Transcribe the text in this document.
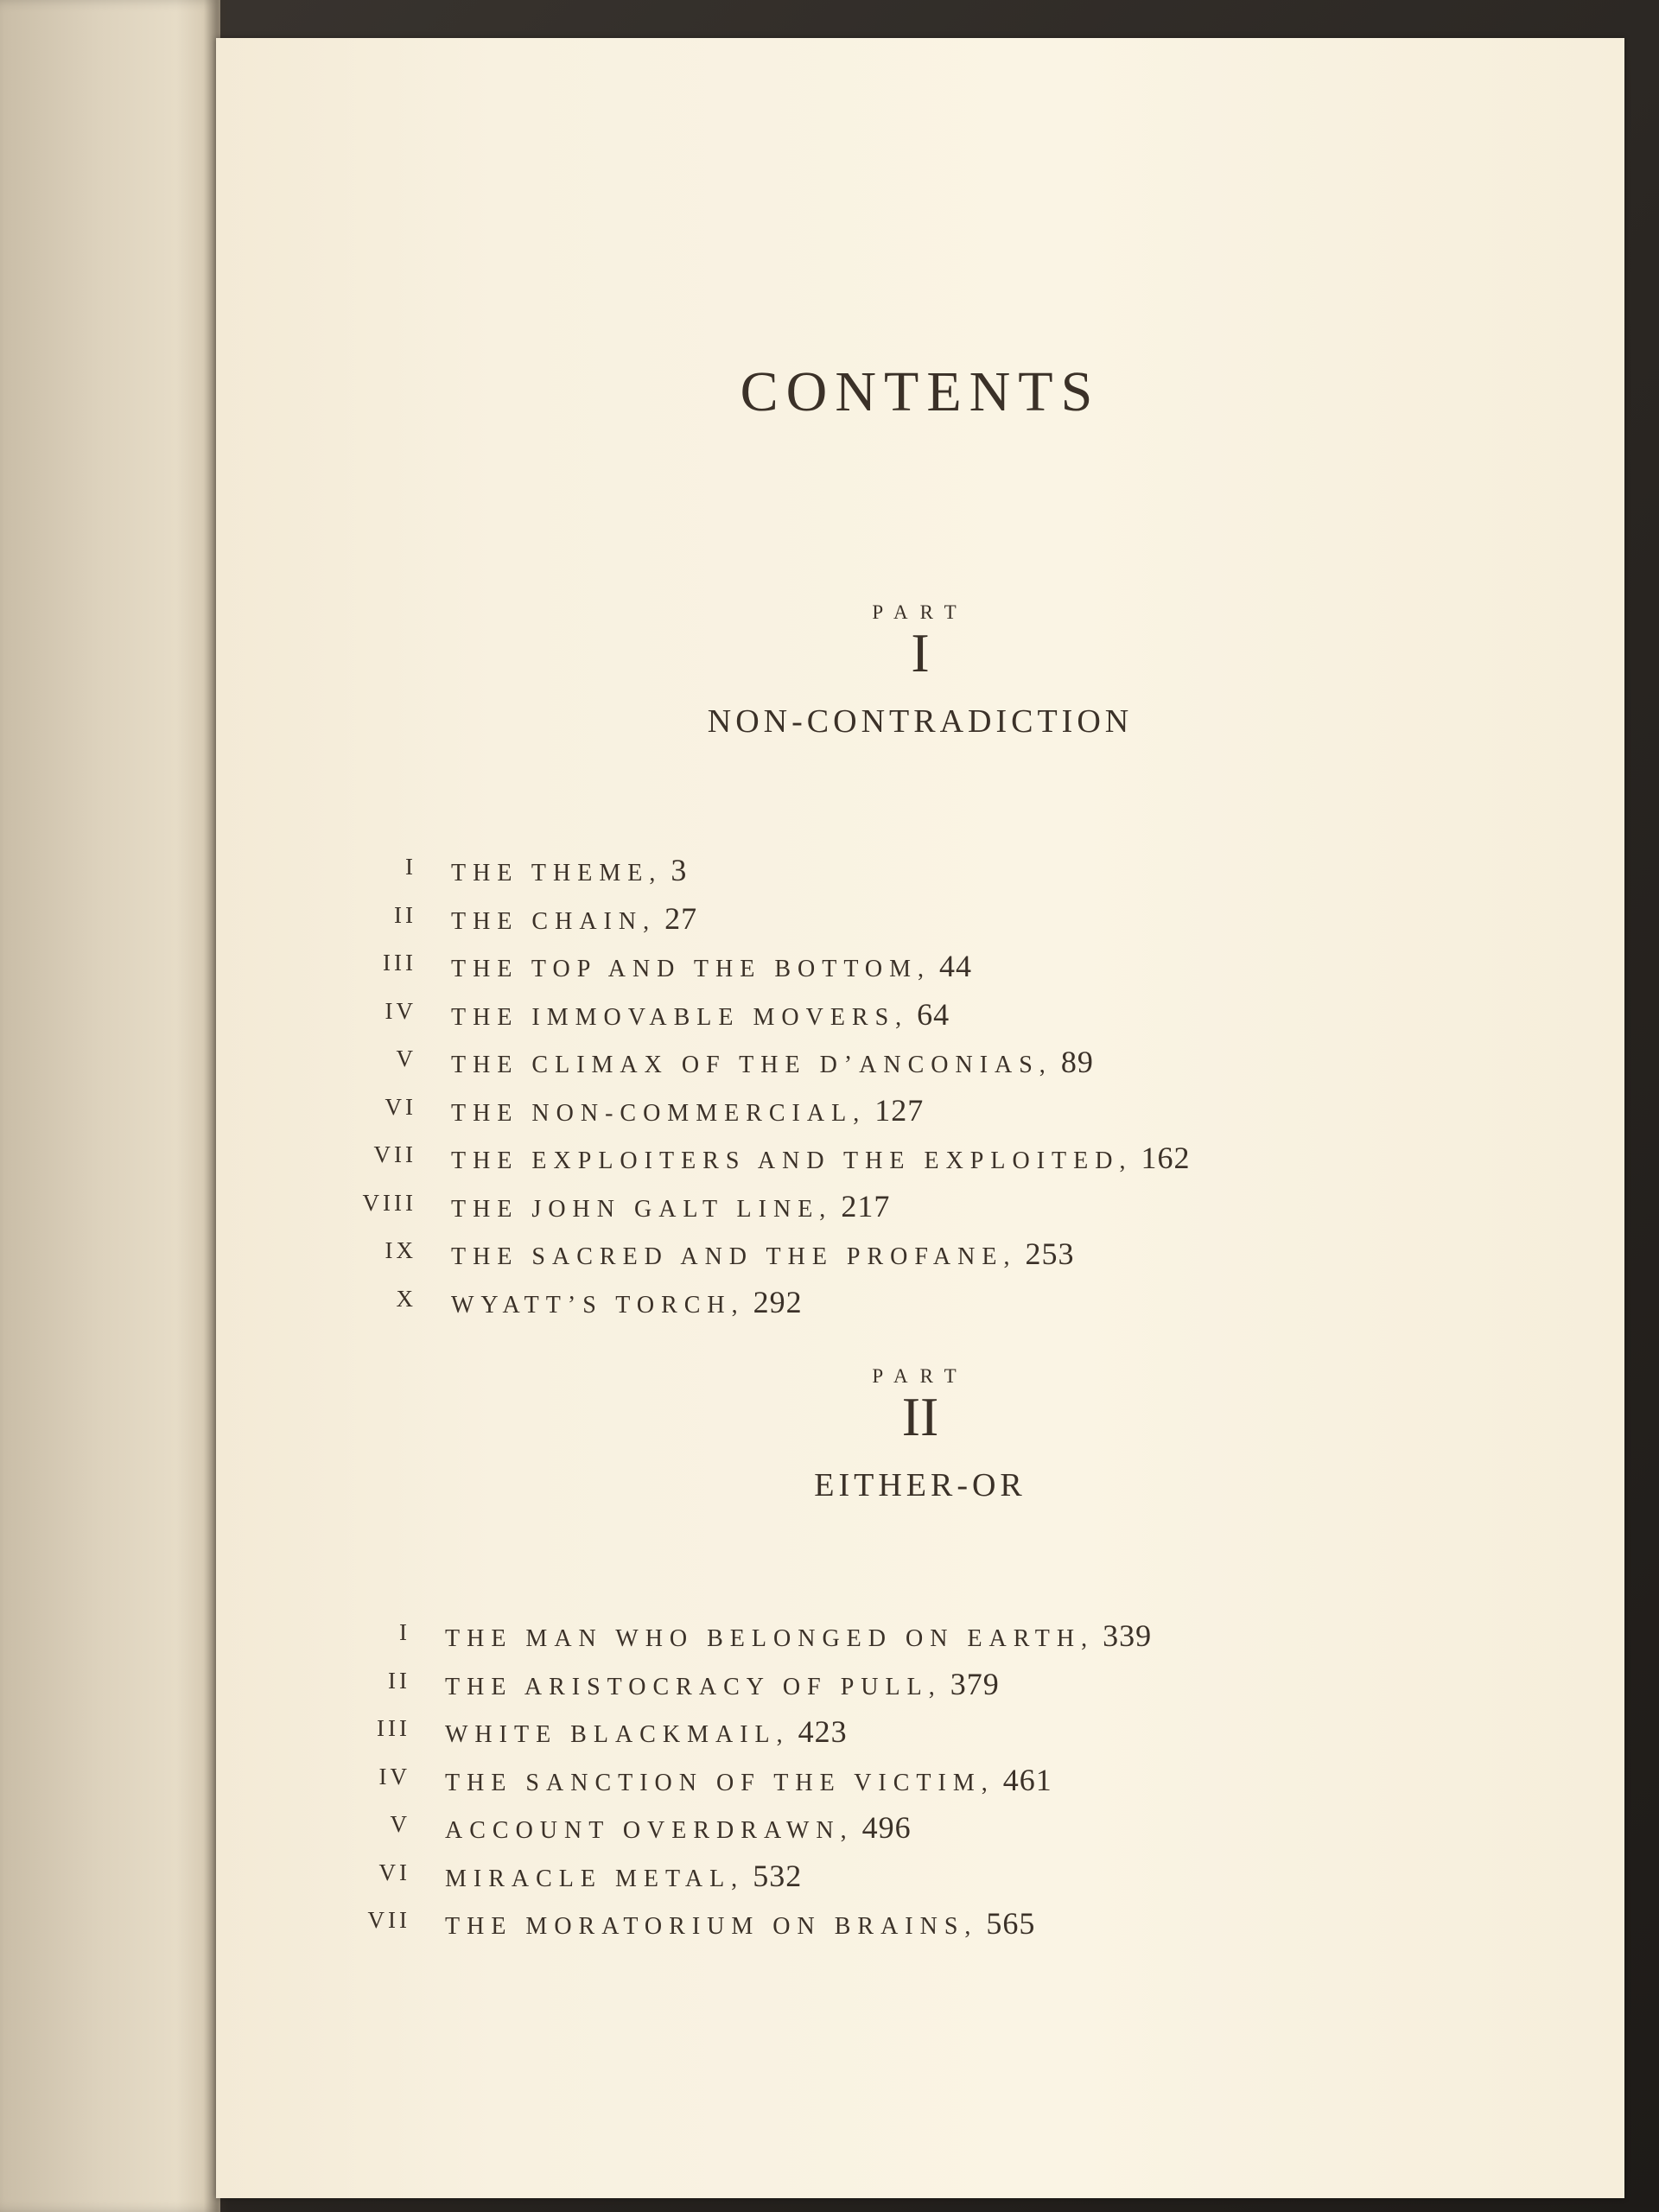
CONTENTS
PART
I
NON-CONTRADICTION
I THE THEME, 3
II THE CHAIN, 27
III THE TOP AND THE BOTTOM, 44
IV THE IMMOVABLE MOVERS, 64
V THE CLIMAX OF THE D’ANCONIAS, 89
VI THE NON-COMMERCIAL, 127
VII THE EXPLOITERS AND THE EXPLOITED, 162
VIII THE JOHN GALT LINE, 217
IX THE SACRED AND THE PROFANE, 253
X WYATT’S TORCH, 292
PART
II
EITHER-OR
I THE MAN WHO BELONGED ON EARTH, 339
II THE ARISTOCRACY OF PULL, 379
III WHITE BLACKMAIL, 423
IV THE SANCTION OF THE VICTIM, 461
V ACCOUNT OVERDRAWN, 496
VI MIRACLE METAL, 532
VII THE MORATORIUM ON BRAINS, 565
